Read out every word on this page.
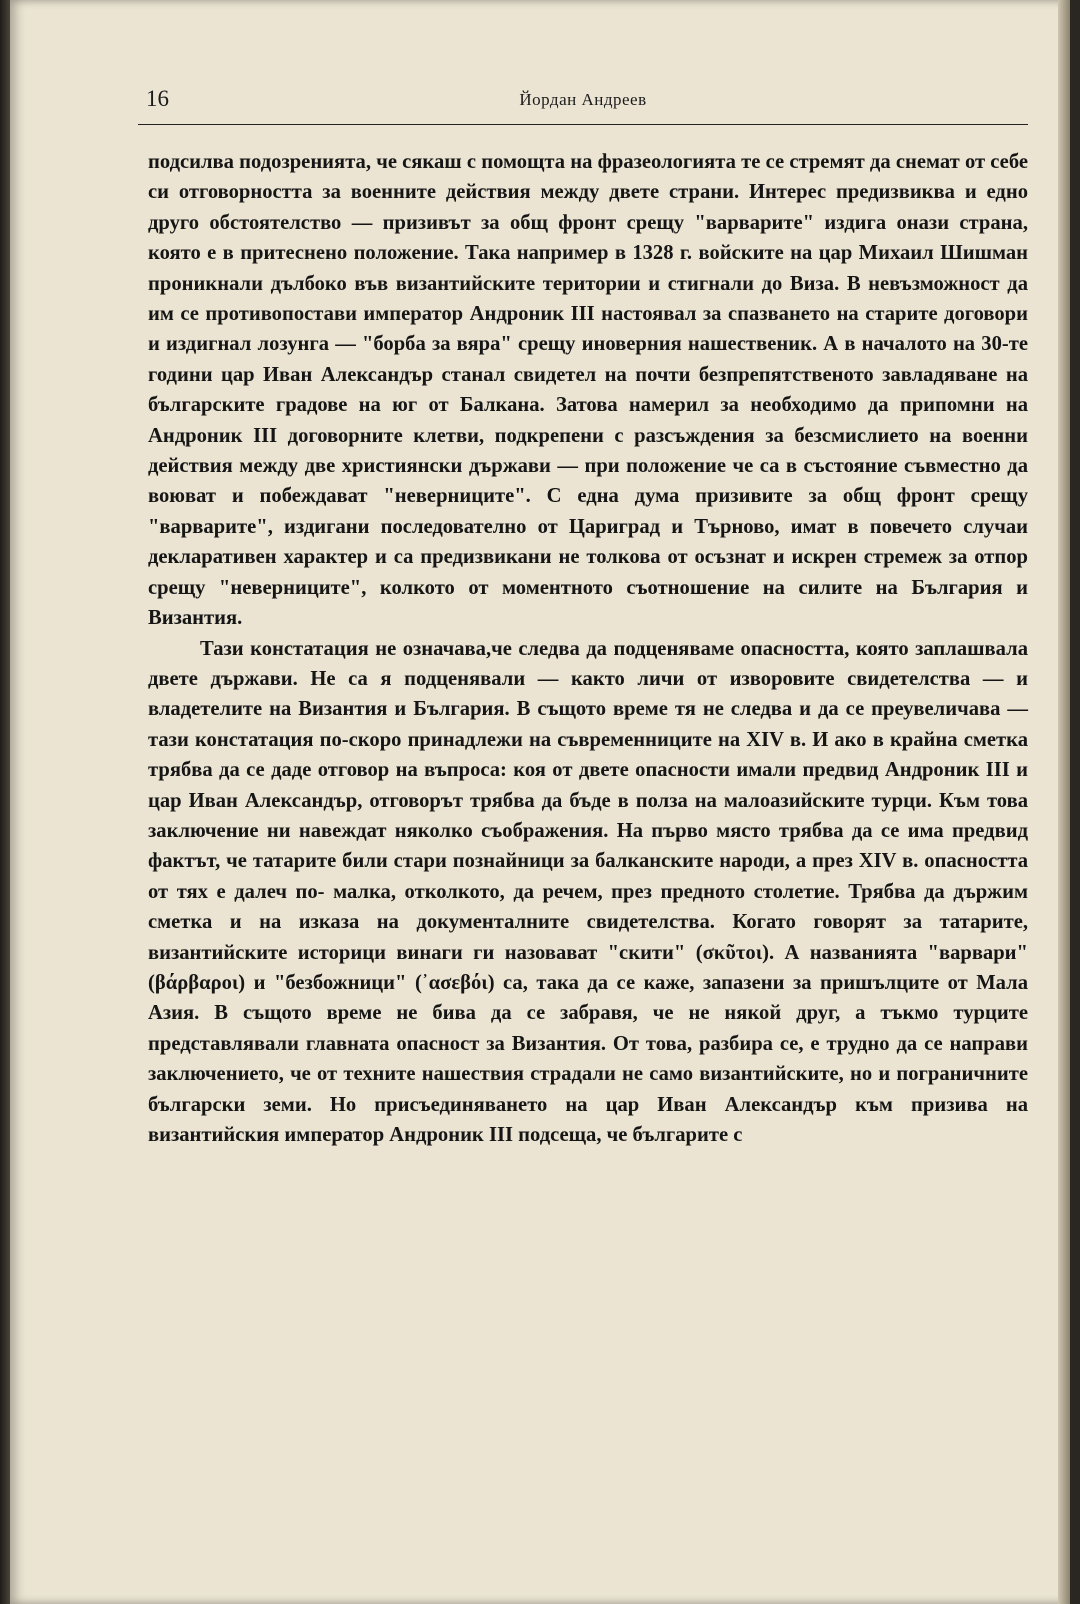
16	Йордан Андреев

подсилва подозренията, че сякаш с помощта на фразеологията те се стремят да снемат от себе си отговорността за военните действия между двете страни. Интерес предизвиква и едно друго обстоятелство — призивът за общ фронт срещу "варварите" издига онази страна, която е в притеснено положение. Така например в 1328 г. войските на цар Михаил Шишман проникнали дълбоко във византийските територии и стигнали до Виза. В невъзможност да им се противопостави император Андроник III настоявал за спазването на старите договори и издигнал лозунга — "борба за вяра" срещу иноверния нашественик. А в началото на 30-те години цар Иван Александър станал свидетел на почти безпрепятственото завладяване на българските градове на юг от Балкана. Затова намерил за необходимо да припомни на Андроник III договорните клетви, подкрепени с разсъждения за безсмислието на военни действия между две християнски държави — при положение че са в състояние съвместно да воюват и побеждават "неверниците". С една дума призивите за общ фронт срещу "варварите", издигани последователно от Цариград и Търново, имат в повечето случаи декларативен характер и са предизвикани не толкова от осъзнат и искрен стремеж за отпор срещу "неверниците", колкото от моментното съотношение на силите на България и Византия.

Тази констатация не означава,че следва да подценяваме опасността, която заплашвала двете държави. Не са я подценявали — както личи от изворовите свидетелства — и владетелите на Византия и България. В същото време тя не следва и да се преувеличава — тази констатация по-скоро принадлежи на съвременниците на XIV в. И ако в крайна сметка трябва да се даде отговор на въпроса: коя от двете опасности имали предвид Андроник III и цар Иван Александър, отговорът трябва да бъде в полза на малоазийските турци. Към това заключение ни навеждат няколко съображения. На първо място трябва да се има предвид фактът, че татарите били стари познайници за балканските народи, а през XIV в. опасността от тях е далеч по- малка, отколкото, да речем, през предното столетие. Трябва да държим сметка и на изказа на документалните свидетелства. Когато говорят за татарите, византийските историци винаги ги назовават "скити" (σκῦτοι). А названията "варвари"(βάρβαροι) и "безбожници" (᾿ασεβόι) са, така да се каже, запазени за пришълците от Мала Азия. В същото време не бива да се забравя, че не някой друг, а тъкмо турците представлявали главната опасност за Византия. От това, разбира се, е трудно да се направи заключението, че от техните нашествия страдали не само византийските, но и пограничните български земи. Но присъединяването на цар Иван Александър към призива на византийския император Андроник III подсеща, че българите с
